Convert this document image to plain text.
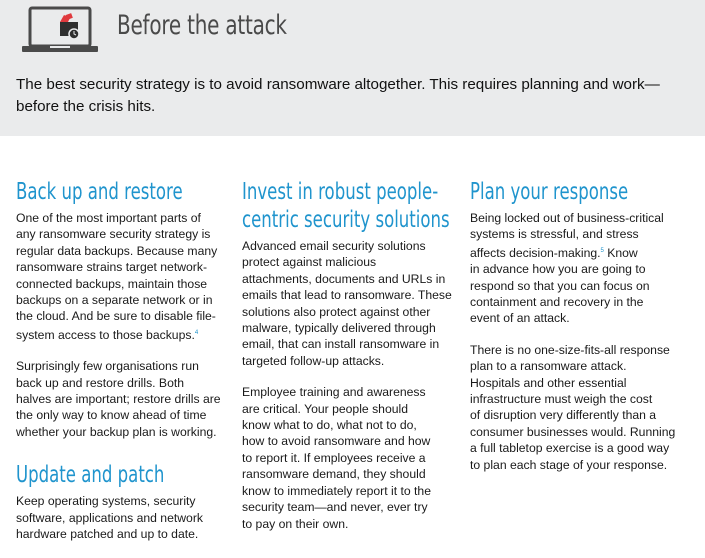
Before the attack
The best security strategy is to avoid ransomware altogether. This requires planning and work—
before the crisis hits.
Back up and restore
One of the most important parts of
any ransomware security strategy is
regular data backups. Because many
ransomware strains target network-
connected backups, maintain those
backups on a separate network or in
the cloud. And be sure to disable file-
system access to those backups.$^4$
Surprisingly few organisations run
back up and restore drills. Both
halves are important; restore drills are
the only way to know ahead of time
whether your backup plan is working.
Update and patch
Keep operating systems, security
software, applications and network
hardware patched and up to date.
Invest in robust people-
centric security solutions
Advanced email security solutions
protect against malicious
attachments, documents and URLs in
emails that lead to ransomware. These
solutions also protect against other
malware, typically delivered through
email, that can install ransomware in
targeted follow-up attacks.
Employee training and awareness
are critical. Your people should
know what to do, what not to do,
how to avoid ransomware and how
to report it. If employees receive a
ransomware demand, they should
know to immediately report it to the
security team—and never, ever try
to pay on their own.
Plan your response
Being locked out of business-critical
systems is stressful, and stress
affects decision-making.$^5$ Know
in advance how you are going to
respond so that you can focus on
containment and recovery in the
event of an attack.
There is no one-size-fits-all response
plan to a ransomware attack.
Hospitals and other essential
infrastructure must weigh the cost
of disruption very differently than a
consumer businesses would. Running
a full tabletop exercise is a good way
to plan each stage of your response.
